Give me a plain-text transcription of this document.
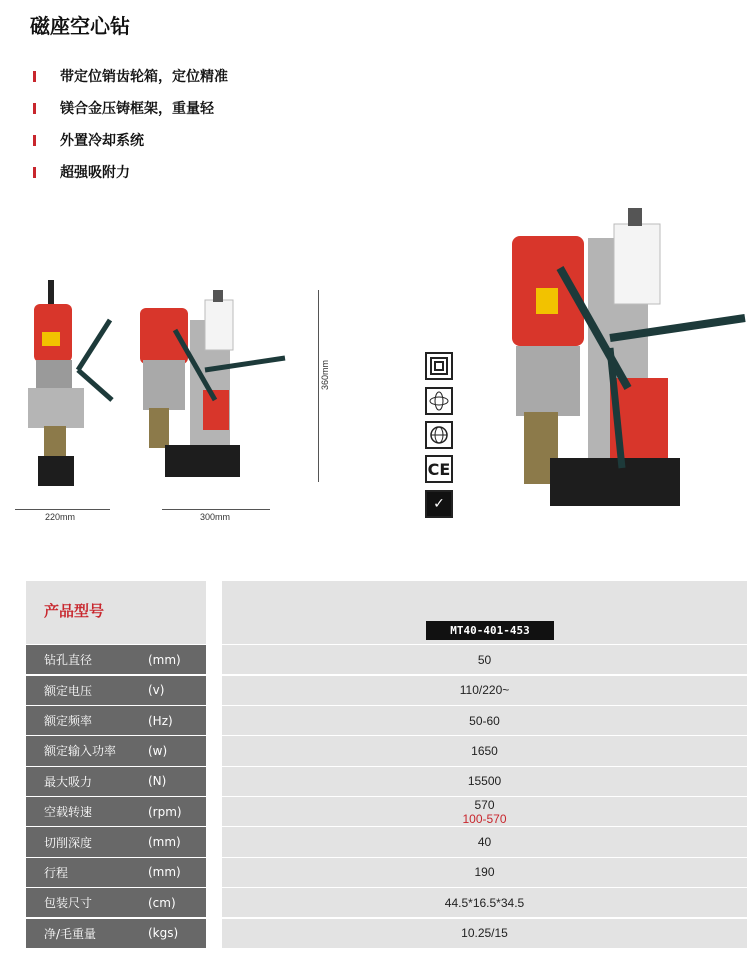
磁座空心钻
带定位销齿轮箱，定位精准
镁合金压铸框架，重量轻
外置冷却系统
超强吸附力
220mm	300mm
360mm
CE
✓
产品型号
MT40-401-453
钻孔直径	(mm)	50
额定电压	(v)	110/220~
额定频率	(Hz)	50-60
额定输入功率	(w)	1650
最大吸力	(N)	15500
空载转速	(rpm)	570
100-570
切削深度	(mm)	40
行程	(mm)	190
包装尺寸	(cm)	44.5*16.5*34.5
净/毛重量	(kgs)	10.25/15
